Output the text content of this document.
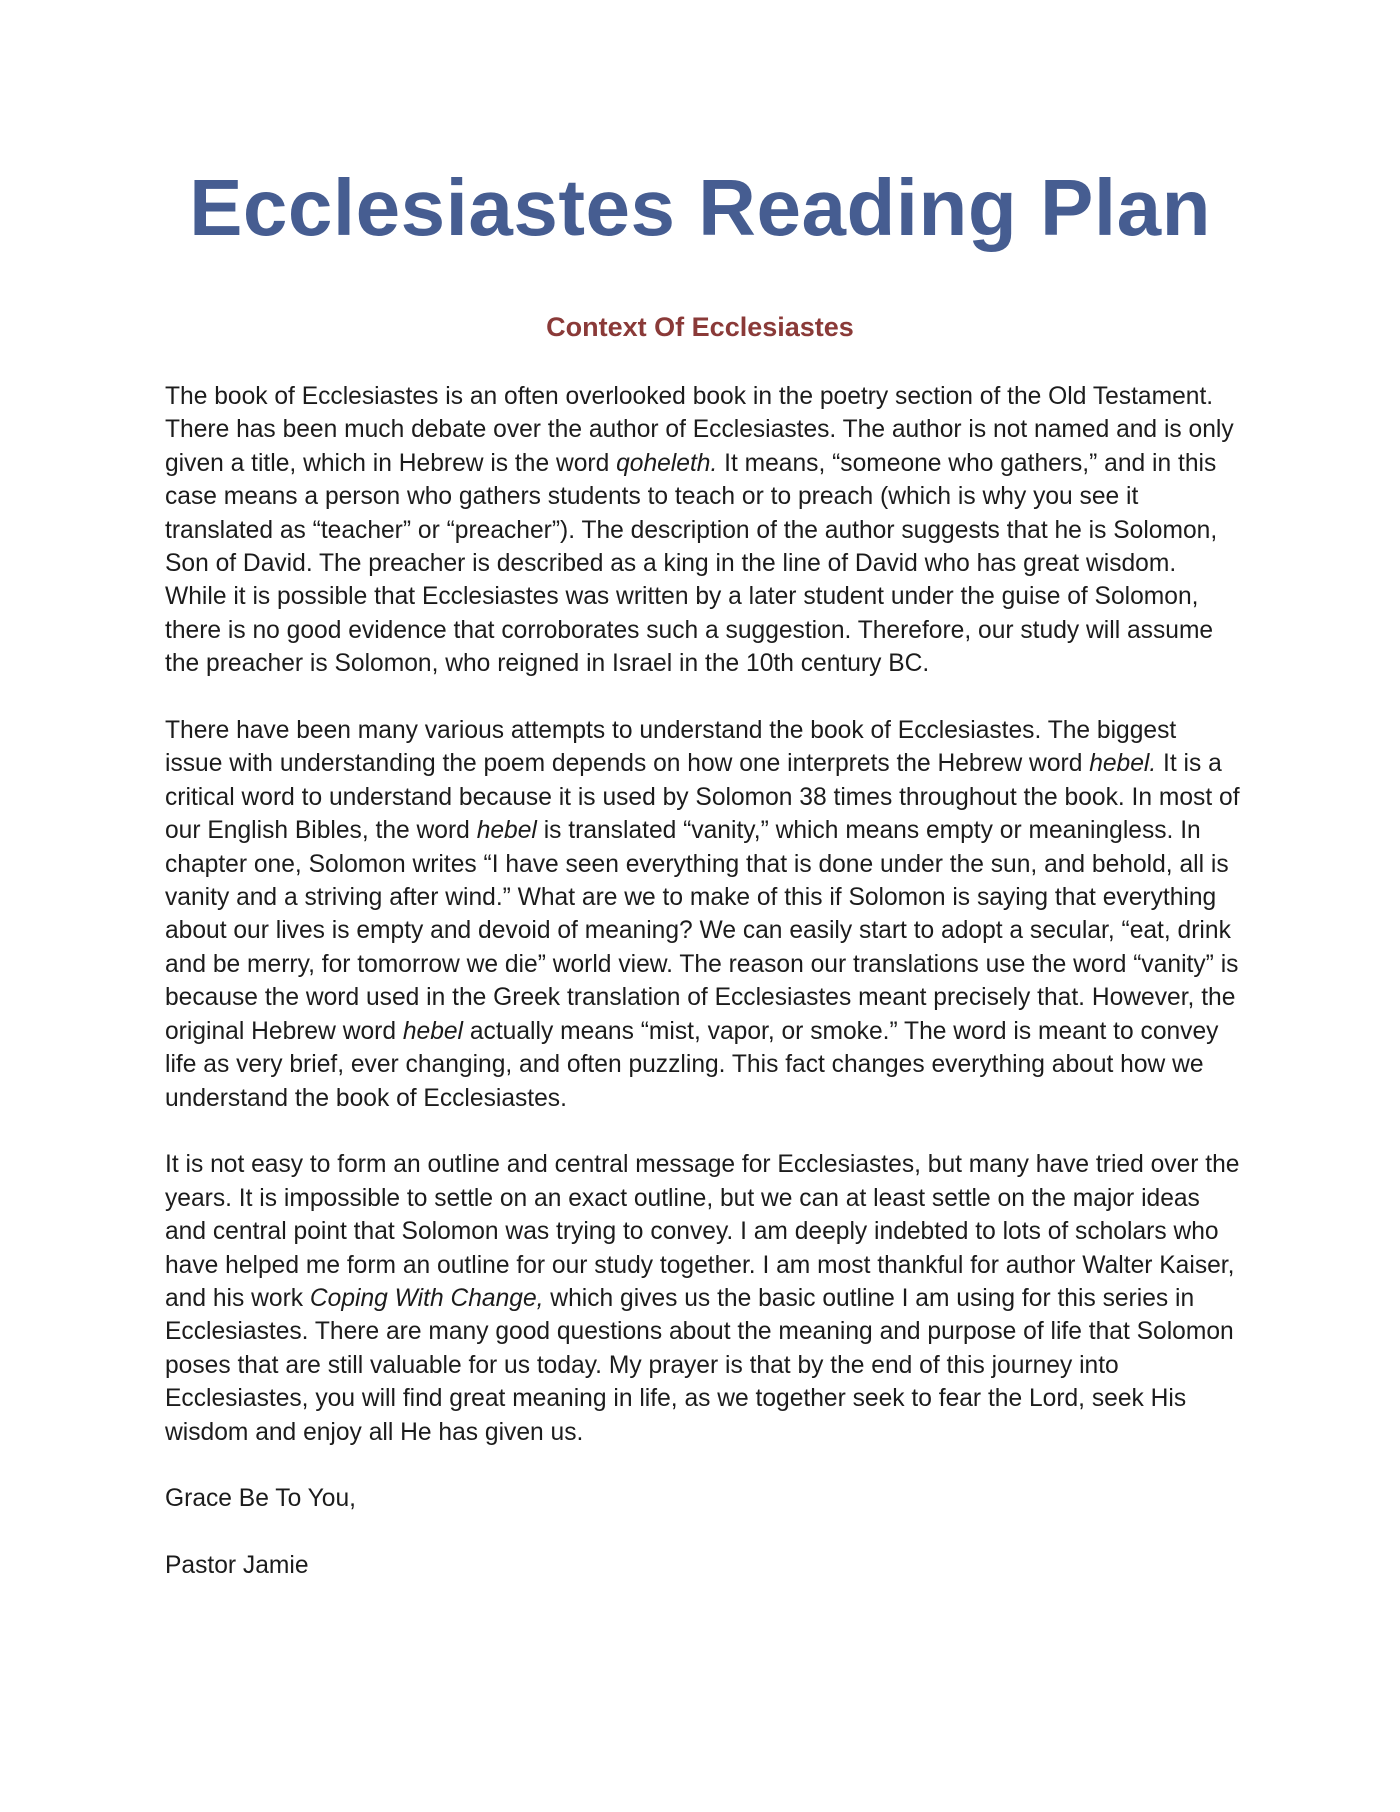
Ecclesiastes Reading Plan
Context Of Ecclesiastes

The book of Ecclesiastes is an often overlooked book in the poetry section of the Old Testament. There has been much debate over the author of Ecclesiastes. The author is not named and is only given a title, which in Hebrew is the word qoheleth. It means, “someone who gathers,” and in this case means a person who gathers students to teach or to preach (which is why you see it translated as “teacher” or “preacher”). The description of the author suggests that he is Solomon, Son of David. The preacher is described as a king in the line of David who has great wisdom. While it is possible that Ecclesiastes was written by a later student under the guise of Solomon, there is no good evidence that corroborates such a suggestion. Therefore, our study will assume the preacher is Solomon, who reigned in Israel in the 10th century BC.

There have been many various attempts to understand the book of Ecclesiastes. The biggest issue with understanding the poem depends on how one interprets the Hebrew word hebel. It is a critical word to understand because it is used by Solomon 38 times throughout the book. In most of our English Bibles, the word hebel is translated “vanity,” which means empty or meaningless. In chapter one, Solomon writes “I have seen everything that is done under the sun, and behold, all is vanity and a striving after wind.” What are we to make of this if Solomon is saying that everything about our lives is empty and devoid of meaning? We can easily start to adopt a secular, “eat, drink and be merry, for tomorrow we die” world view. The reason our translations use the word “vanity” is because the word used in the Greek translation of Ecclesiastes meant precisely that. However, the original Hebrew word hebel actually means “mist, vapor, or smoke.” The word is meant to convey life as very brief, ever changing, and often puzzling. This fact changes everything about how we understand the book of Ecclesiastes.

It is not easy to form an outline and central message for Ecclesiastes, but many have tried over the years. It is impossible to settle on an exact outline, but we can at least settle on the major ideas and central point that Solomon was trying to convey. I am deeply indebted to lots of scholars who have helped me form an outline for our study together. I am most thankful for author Walter Kaiser, and his work Coping With Change, which gives us the basic outline I am using for this series in Ecclesiastes. There are many good questions about the meaning and purpose of life that Solomon poses that are still valuable for us today. My prayer is that by the end of this journey into Ecclesiastes, you will find great meaning in life, as we together seek to fear the Lord, seek His wisdom and enjoy all He has given us.

Grace Be To You,

Pastor Jamie
